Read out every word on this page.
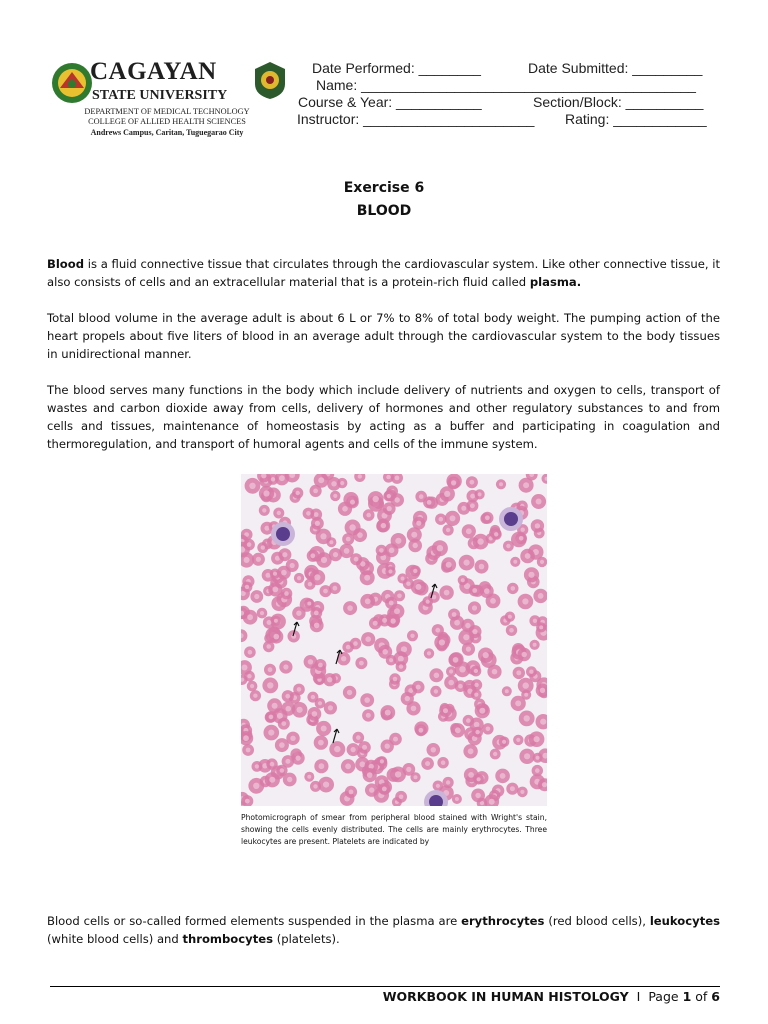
CAGAYAN
STATE UNIVERSITY
DEPARTMENT OF MEDICAL TECHNOLOGY
COLLEGE OF ALLIED HEALTH SCIENCES
Andrews Campus, Caritan, Tuguegarao City
Date Performed: ________	Date Submitted: _________
Name: ___________________________________________
Course & Year: ___________	Section/Block: __________
Instructor: ______________________ Rating: ____________
Exercise 6
BLOOD
Blood is a fluid connective tissue that circulates through the cardiovascular system. Like other connective tissue, it also consists of cells and an extracellular material that is a protein-rich fluid called plasma.
Total blood volume in the average adult is about 6 L or 7% to 8% of total body weight. The pumping action of the heart propels about five liters of blood in an average adult through the cardiovascular system to the body tissues in unidirectional manner.
The blood serves many functions in the body which include delivery of nutrients and oxygen to cells, transport of wastes and carbon dioxide away from cells, delivery of hormones and other regulatory substances to and from cells and tissues, maintenance of homeostasis by acting as a buffer and participating in coagulation and thermoregulation, and transport of humoral agents and cells of the immune system.
Photomicrograph of smear from peripheral blood stained with Wright's stain, showing the cells evenly distributed. The cells are mainly erythrocytes. Three leukocytes are present. Platelets are indicated by
Blood cells or so-called formed elements suspended in the plasma are erythrocytes (red blood cells), leukocytes (white blood cells) and thrombocytes (platelets).
WORKBOOK IN HUMAN HISTOLOGY I Page 1 of 6
